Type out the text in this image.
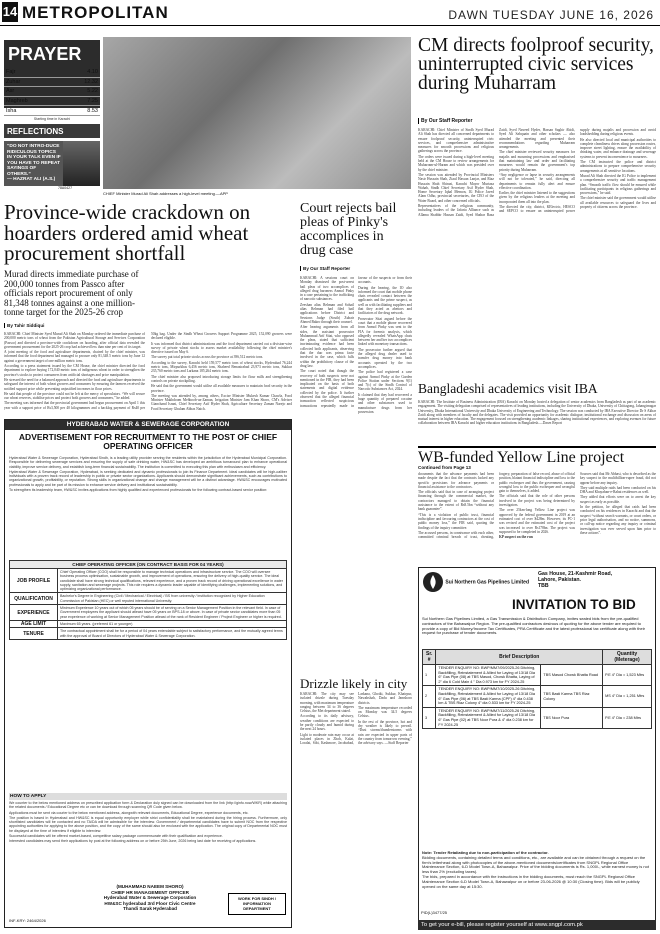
14 METROPOLITAN	DAWN TUESDAY JUNE 16, 2026
PRAYER
Fajr	4.10
Zuhar	12.32
Asr	5.22
Maghreb	7.25
Isha	8.53
Starting time in Karachi
REFLECTIONS
“DO NOT INTRO-DUCE RIDICULOUS TOPICS IN YOUR TALK EVEN IF YOU HAVE TO REPEAT SAYINGS OF OTHERS.”
— HAZRAT ALI (A.S.)
78A0427
CHIEF Minister Murad Ali Shah addresses a high-level meeting.—APP
CM directs foolproof security, uninterrupted civic services during Muharram
By Our Staff Reporter

KARACHI: Chief Minister of Sindh Syed Murad Ali Shah has directed all concerned departments to ensure foolproof security, uninterrupted civic services, and comprehensive administrative measures for smooth processions and religious gatherings across the province.

The orders were issued during a high-level meeting held at the CM House to review arrangements for Muharram-ul-Haram and which was presided over by the chief minister.

The session was attended by Provincial Ministers Nasir Hussain Shah, Ziaul Hassan Lanjar, and Riaz Hussain Shah Shirazi, Karachi Mayor Murtaza Wahab, Sindh Chief Secretary Asif Hyder Shah, Home Secretary Iqbal Memon, IG Police Javed Alam Odho, provincial secretaries, the CEO of the Water Board, and other concerned officials.

Representatives of the religious community, including leaders of the Jafaria Alliance such as Allama Shabbir Hassan Zaidi, Syed Shabar Raza Zaidi, Syed Naveed Hyder, Hassan Saghir Abidi, Syed Ali Sabquain and other scholars — also attended the meeting and presented their recommendations regarding Muharram arrangements.

The chief minister reviewed security measures for majalis and mourning processions and emphasised that maintaining law and order and facilitating mourners would remain the government's top priority during Muharram.

“Any negligence or lapse in security arrangements will not be tolerated,” he said, directing all departments to remain fully alert and ensure effective coordination.

Earlier, the chief minister listened to the suggestions given by the religious leaders at the meeting and incorporated them all into the plan.

The directed the city, district, KElectric, HESCO and SEPCO to ensure an uninterrupted power supply during majalis and procession and avoid loadshedding during religious events.

He also directed local and municipal authorities to complete cleanliness drives along procession routes, improve street lighting, ensure the availability of drinking water, and enhance drainage and sewerage systems to prevent inconvenience to mourners.

The CM instructed the police and district administrations to prepare comprehensive security arrangements at all sensitive locations.

Murad Ali Shah directed the IG Police to implement a comprehensive security and traffic management plan. “Smooth traffic flow should be ensured while facilitating participants in religious gatherings and processions,” he said.

The chief minister said the government would utilise all available resources to safeguard the lives and property of citizens across the province.

Province-wide crackdown on hoarders ordered amid wheat procurement shortfall
Murad directs immediate purchase of 200,000 tonnes from Passco after officials report procurement of only 81,348 tonnes against a one million-tonne target for the 2025-26 crop
By Tahir Siddiqui

KARACHI: Chief Minister Syed Murad Ali Shah on Monday ordered the immediate purchase of 200,000 metric tons of wheat from the Pakistan Agricultural Storage and Services Corporation (Passco) and directed a province-wide crackdown on hoarding, after official data revealed the government procurement for the 2025-26 crop had achieved less than nine per cent of its target.

A joint meeting of the food and agriculture departments, chaired by the chief minister, was informed that the food department had managed to procure only 81,348.5 metric tons by June 12 against a government target of one million metric tons.

According to a press statement issued by the CM House, the chief minister directed the food department to explore buying 172,040 metric tons of indigenous wheat in order to strengthen the province's stocks to protect consumers from artificial shortages and price manipulation.

He stressed the need for a balanced approach and directed the food and agriculture departments to safeguard the interest of both wheat growers and consumers by ensuring the farmers received the notified support price while preventing unjustified increases in flour prices.

He said that people of the province could not be left at the mercy of speculators. “We will secure our wheat reserves, stabilise prices and protect both growers and consumers,” he added.

The meeting was informed that the provincial government had begun procurement on April 1 this year with a support price of Rs3,500 per 40 kilogrammes and a backlog payment of Rs40 per 50kg bag. Under the Sindh Wheat Growers Support Programme 2025, 152,090 growers were declared eligible.

It was informed that district administrations and the food department carried out a division-wise survey of private wheat stocks to assess market availability following the chief minister's directive issued on May 6.

The survey put total private stocks across the province at 396,512 metric tons.

According to the survey, Karachi held 159,577 metric tons of wheat stocks, Hyderabad 76,244 metric tons, Mirpurkhas 6,456 metric tons, Shaheed Benazirabad 23,973 metric tons, Sukkur 235,760 metric tons and Larkana 185,264 metric tons.

The chief minister also proposed introducing storage limits for flour mills and strengthening controls on private stockpiling.

He said that the government would utilise all available measures to maintain food security in the province.

The meeting was attended by, among others, Excise Minister Mukesh Kumar Chawla, Food Minister Makhdoom Mehboob-uz-Zaman, Irrigation Minister Jam Khan Shoro, CM's Adviser Gianchand Israni, Chief Secretary Asif Hyder Shah, Agriculture Secretary Zaman Narejo and Food Secretary Ghulam Abbas Naich.

Court rejects bail pleas of Pinky's accomplices in drug case
By Our Staff Reporter

KARACHI: A sessions court on Monday dismissed the post-arrest bail pleas of two accomplices of alleged drug baroness Anmol Pinky in a case pertaining to the trafficking of narcotic substances.

Zeeshan alias Rehman and Sohail alias Rehman had filed bail applications before District and Sessions Judge (South) Zubair Ahmed Bakro through their counsel.

After hearing arguments from all sides, the assistant prosecutor Muhammad Arif Sitai, who opposed the pleas, stated that sufficient incriminating evidence had been collected both applicants, observing that the duo was prima facie involved in the case, which falls within the prohibitory clause of the drug law.

The court noted that though the recovery of both suspects were not mentioned in the FIR, they had been implicated on the basis of both statements and digital evidence collected by the police. It further observed that the alleged financial transaction reflected suspicious transactions repeatedly made in favour of the suspects or from their accounts.

During the hearing, the IO also informed the court that mobile phone chats revealed contact between the applicants and the prime suspect, as well as with facilitating suppliers and that they acted as abettors and facilitators of the drug network.

Prosecutor Sitai argued before the court that a mobile phone recovered from Anmol Pinky was sent to the FIA for forensic analysis, which allegedly revealed WhatsApp chats between her and her two accomplices linked with monetary transactions.

The prosecutor further argued that the alleged drug dealer used to transfer drug money into bank accounts operated by the two accomplices.

The police had registered a case against Anmol Pinky at the Garden Police Station under Sections 9(1) and 7(c) of the Sindh Control of Narcotic Substances Act, 2024.

It claimed that they had recovered a huge quantity of prepared cocaine and other substances used to manufacture drugs from her possession.

Drizzle likely in city

KARACHI: The city may see isolated drizzle during Tuesday morning, with maximum temperature ranging between 34 to 36 degrees Celsius, the Met department stated.

According to its daily advisory, weather conditions are expected to be partly cloudy and humid during the next 24 hours.

Light to moderate rain may occur at isolated places in Zhob, Kalat, Loralai, Sibi, Kashmore, Jacobabad, Larkana, Ghotki, Sukkur, Khairpur, Nawabshah, Dadu and Jamshoro districts.

The maximum temperature recorded on Monday was 34.5 degrees Celsius.

In the rest of the province, hot and dry weather is likely to prevail. “Dust storms/thunderstorms with rain are expected in upper parts of the country from tomorrow evening,” the advisory says. —Staff Reporter

Bangladeshi academics visit IBA
KARACHI: The Institute of Business Administration (IBA) Karachi on Monday hosted a delegation of senior academics from Bangladesh as part of an academic engagement. The visiting delegation comprised of representatives of leading institutions, including the University of Dhaka, University of Chittagong, Jahangirnagar University, Dhaka International University and Dhaka University of Engineering and Technology. The session was conducted by IBA Executive Director Dr S Akbar Zaidi along with members of faculty and the delegates. The visit provided an opportunity for academic dialogue, institutional exchange and discussion on areas of mutual interest in higher education. The engagement focused on strengthening academic linkages, sharing institutional experiences, and exploring avenues for future collaboration between IBA Karachi and higher education institutions in Bangladesh.—Dawn Report
WB-funded Yellow Line project
Continued from Page 13

documents that the advance payments had been made despite the fact that the contracts lacked any specific provisions for advance payments or financial assistance to the contractors.

The officials said that in case of arranging project financing through the commercial market, the contractors managed to obtain the financial assistance to the extent of Rs8.5bn “without any bank guarantee”.

“This is a violation of public trust, financial indiscipline and favouring contractors at the cost of public money loss,” the FIR said, quoting the findings of the inquiry committee.

The accused persons, in connivance with each other, committed criminal breach of trust, cheating, forgery, preparation of false record, abuse of official position, blatant financial indiscipline and loss to the public exchequer and thus the government, causing wrongful loss to the public exchequer and wrongful gain to themselves, it added.

The officials said that the role of other persons involved in the project was being determined by investigators.

The over 25km-long Yellow Line project was approved by the federal government in 2019 at an estimated cost of over $428m. However, its PC-1 was revised and the estimated cost of the project was increased to over Rs178bn. The project was supposed to be completed in 2026.

KP suspect on the run

Sources said that Mr Abbasi, who is described as the key suspect in the multibillion-rupee fraud, did not appear before any inquiry.

They said multiple raids had been conducted on his DHA and Khayaban-e-Rahat residences as well.

They added that efforts were on to arrest the key suspect as early as possible.

In the petition, he alleged that raids had been conducted on his residences in Karachi and that the suspect “without search warrants, or court orders, or prior legal authorisation, and no notice, summons, or call-up notice regarding any inquiry or criminal investigation was ever served upon him prior to these actions”.

HYDERABAD WATER & SEWERAGE CORPORATION
ADVERTISEMENT FOR RECRUITMENT TO THE POST OF CHIEF OPERATING OFFICER

Hyderabad Water & Sewerage Corporation, Hyderabad Sindh, is a leading utility provider serving the residents within the jurisdiction of the Hyderabad Municipal Corporation. Responsible for delivering sewerage services and ensuring the supply of safe drinking water, HW&SC has developed an ambitious turnaround plan to enhance operational viability, improve service delivery, and establish long-term financial sustainability. The institution is committed to executing this plan with enthusiasm and efficiency.

Hyderabad Water & Sewerage Corporation, Hyderabad, is seeking dedicated and dynamic professionals to join its Finance Department. Ideal candidates will be high-caliber individuals with a proven track record of leadership in public or private sector organizations. Applicants should demonstrate significant achievements, such as contributions to organizational growth, profitability, or reputation. Strong skills in organizational change and change management will be a distinct advantage. HW&SC encourages motivated professionals to apply and be part of its mission to enhance service delivery and institutional sustainability.

To strengthen its leadership team, HW&SC invites applications from highly qualified and experienced professionals for the following contract-based senior position:

CHIEF OPERATING OFFICER (ON CONTRACT BASIS FOR 04 YEARS)	
JOB PROFILE	Chief Operating Officer (COO) shall be responsible to manage technical operations and infrastructure service. The COO will oversee business process optimisation, sustainable growth, and improvement of operations, ensuring the delivery of high-quality service. The ideal candidate shall have strong technical qualifications, relevant experience, and a proven track record of driving operational excellence in water supply, sanitation and sewerage projects. This role requires a dynamic leader capable of identifying challenges, implementing solutions, and optimizing organizational performance.
QUALIFICATION	Bachelor's Degree in Engineering (Civil / Mechanical / Electrical) / BS from university / institution recognized by Higher Education Commission of Pakistan (HEC) or well reputed international University.
EXPERIENCE	Minimum Experience 10 years out of which 05 years should be of serving on a Senior Management Position in the relevant field. In case of Government employees the applicant should atleast have 05 years on BPS-18 or above. In case of private sector candidates more than 05 year experience of working at Senior Management Position atleast of the rank of Resident Engineer / Project Engineer or higher is required.
AGE LIMIT	Maximum 65 years. (preferred 61 or younger)
TENURE	The contractual appointment shall be for a period of 04 years extendable subject to satisfactory performance, and the mutually agreed terms with the approval of Board of Directors of Hyderabad Water & Sewerage Corporation.
HOW TO APPLY

We counter to the below mentioned address on prescribed application form & Declaration duly signed can be downloaded from the link (http://ginfo.now/WKR) while attaching the related documents / Educational Degree etc or can be download through scanning QR Code given below.

Applications must be sent via courier to the below mentioned address, alongwith relevant documents, Educational Degree, experience documents, etc.

The position is based in Hyderabad and HW&SC is equal opportunity employer while strict confidentiality shall be maintained during the hiring process. Furthermore, only shortlisted candidates will be contacted and no TA/DA will be admissible for the interview. Government / departmental candidates have to submit NOC from the respective appointing authorities for applying to the above position, and the copy of the same should also be enclosed with the application. The original copy of Departmental NOC must be displayed at the time of interview if eligible to interview.

Successful candidates will be offered market-based, competitive salary package commensurate with their qualification and experience.

Interested candidates may send their applications by post at the following address on or before 25th June, 2026 being last date for receiving of applications.

(MUHAMMAD NAEEM SHORO)
CHIEF HR MANAGEMENT OFFICER
Hyderabad Water & Sewerage Corporation
HW&SC hyderabad 3rd Floor Civic Centre
Thandi Sarak Hyderabad
WORK FOR SINDH / INFORMATION DEPARTMENT
INF-KRY: 2464/2026
Sui Northern Gas Pipelines Limited
Gas House, 21-Kashmir Road,
Lahore, Pakistan.
TBB
INVITATION TO BID
Sui Northern Gas Pipelines Limited, a Gas Transmission & Distribution Company, invites sealed bids from the pre-qualified contractors of the Bahawalpur Region. The pre-qualified contractors desirous of quoting for the above tender are required to provide a copy of Bid Money/Income Tax Certificates, PRA Certificate and the latest professional tax certificate along with their request for purchase of tender documents.
Sr. #	Brief Description		Quantity (Meterage)
1	TENDER ENQUIRY NO: BWP/MM7/09/2025-26 Ditching, Backfilling, Reinstatement & Allied for Laying of 13/18 Dia 6” Gas Pipe (08) at TBS Masod, Chowk Bhatta, Laying of 2” dia 6 Cold Main 4 ” Dia 0.973 km for FY 2024-25	TBS Masod Chowk Bhatta Road	P.E 4” Dia = 1,523 Mtrs
2	TENDER ENQUIRY NO: BWP/MM7/10/2025-26 Ditching, Backfilling, Reinstatement & Allied for Laying of 13/18 Dia 6” Gas Pipe (06) at TBS Basti Karma (CPF) 4” dia 0.438 km & TBS Riaz Colony 4” dia 0.533 km for FY 2024-25	TBS Basti Karma TBS Riaz Colony	MS 4” Dia = 1,251 Mtrs
3	TENDER ENQUIRY NO: BWP/MM7/11/2025-26 Ditching, Backfilling, Reinstatement & Allied for Laying of 13/18 Dia 6” Gas Pipe (02) at TBS Noor Pura & 4” dia 0.238 km for FY 2024-25	TBS Noor Pura	P.E 4” Dia = 238 Mtrs

Note: Tender Retaliating due to non-participation of the contractor.

Bidding documents, containing detailed terms and conditions, etc., are available and can be obtained through a request on the firm's letterhead along with photocopies of the above-mentioned documents/certificates from SNGPL Regional Office Maintenance Section, 6-D Model Town-A, Bahawalpur. Price of the bidding documents is Rs. 1,000/-, while earnest money is not less than 2% (excluding taxes).

The bids, prepared in accordance with the instructions in the bidding documents, must reach the SNGPL Regional Office Maintenance Section 6-D Model Town-A, Bahawalpur on or before 23-06-2026 @ 10:30 (Closing time). Bids will be publicly opened on the same day at 15:30.

PID(L)3477/25
To get your e-bill, please register yourself at www.sngpl.com.pk
